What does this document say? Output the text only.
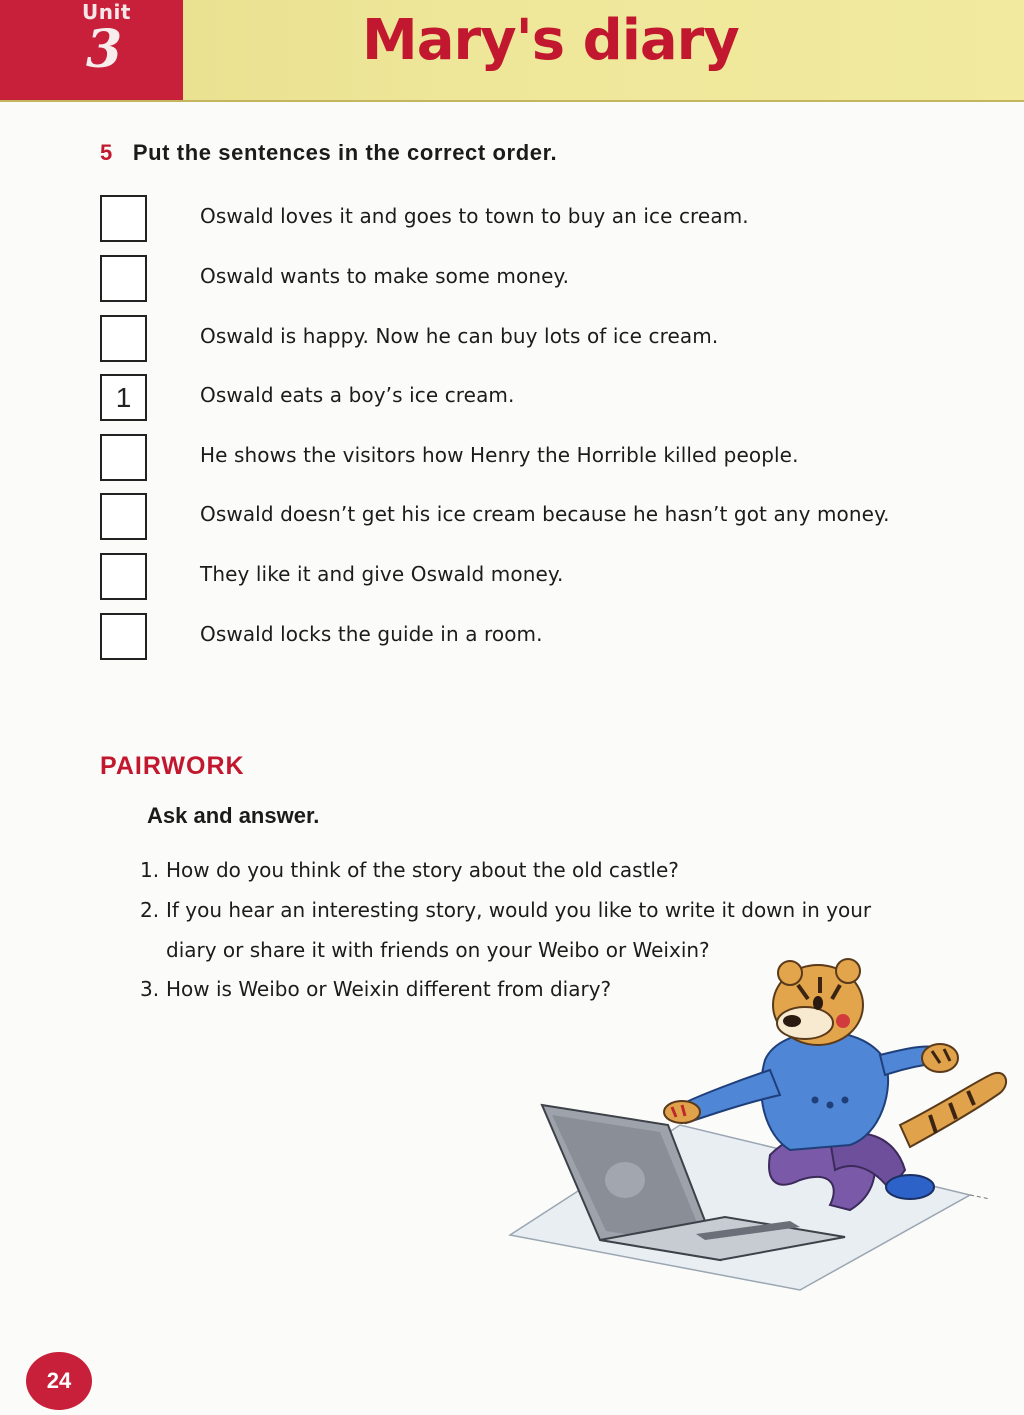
Unit
3	Mary's diary
5 Put the sentences in the correct order.
Oswald loves it and goes to town to buy an ice cream.
Oswald wants to make some money.
Oswald is happy. Now he can buy lots of ice cream.
1	Oswald eats a boy’s ice cream.
He shows the visitors how Henry the Horrible killed people.
Oswald doesn’t get his ice cream because he hasn’t got any money.
They like it and give Oswald money.
Oswald locks the guide in a room.
PAIRWORK
Ask and answer.
1. How do you think of the story about the old castle?
2. If you hear an interesting story, would you like to write it down in your
diary or share it with friends on your Weibo or Weixin?
3. How is Weibo or Weixin different from diary?
24
